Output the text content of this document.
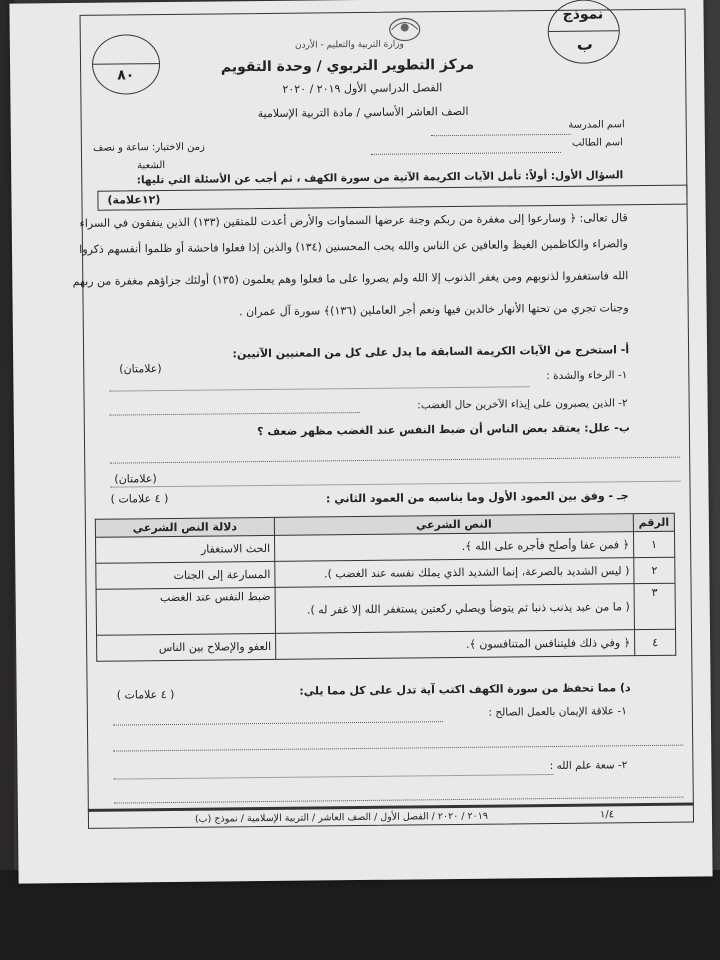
٨٠
نموذج
ب
وزارة التربية والتعليم - الأردن
مركز التطوير التربوي / وحدة التقويم
الفصل الدراسي الأول ٢٠١٩ / ٢٠٢٠
الصف العاشر الأساسي / مادة التربية الإسلامية
اسم المدرسة
اسم الطالب
زمن الاختبار: ساعة و نصف
الشعبة
السؤال الأول: أولاً: تأمل الآيات الكريمة الآتية من سورة الكهف ، ثم أجب عن الأسئلة التي تليها:
(١٢علامة)
قال تعالى: ﴿ وسارعوا إلى مغفرة من ربكم وجنة عرضها السماوات والأرض أعدت للمتقين (١٣٣) الذين ينفقون في السراء
والضراء والكاظمين الغيظ والعافين عن الناس والله يحب المحسنين (١٣٤) والذين إذا فعلوا فاحشة أو ظلموا أنفسهم ذكروا
الله فاستغفروا لذنوبهم ومن يغفر الذنوب إلا الله ولم يصروا على ما فعلوا وهم يعلمون (١٣٥) أولئك جزاؤهم مغفرة من ربهم
وجنات تجري من تحتها الأنهار خالدين فيها ونعم أجر العاملين (١٣٦)﴾ سورة آل عمران .
أ- استخرج من الآيات الكريمة السابقة ما يدل على كل من المعنيين الآتيين:
(علامتان)
١- الرخاء والشدة :
٢- الذين يصبرون على إيذاء الآخرين حال الغضب:
ب- علل: يعتقد بعض الناس أن ضبط النفس عند الغضب مظهر ضعف ؟
(علامتان)
جـ - وفق بين العمود الأول وما يناسبه من العمود الثاني :
( ٤ علامات )
الرقم	النص الشرعي	دلالة النص الشرعي
١	﴿ فمن عفا وأصلح فأجره على الله ﴾.	الحث الاستغفار
٢	( ليس الشديد بالصرعة، إنما الشديد الذي يملك نفسه عند الغضب ).	المسارعة إلى الجنات
٣	( ما من عبد يذنب ذنبا ثم يتوضأ ويصلي ركعتين يستغفر الله إلا غفر له ).	ضبط النفس عند الغضب
٤	﴿ وفي ذلك فليتنافس المتنافسون ﴾.	العفو والإصلاح بين الناس
د) مما تحفظ من سورة الكهف اكتب آية تدل على كل مما يلي:
( ٤ علامات )
١- علاقة الإيمان بالعمل الصالح :
٢- سعة علم الله :
٢٠١٩ / ٢٠٢٠ / الفصل الأول / الصف العاشر / التربية الإسلامية / نموذج (ب)	١/٤
